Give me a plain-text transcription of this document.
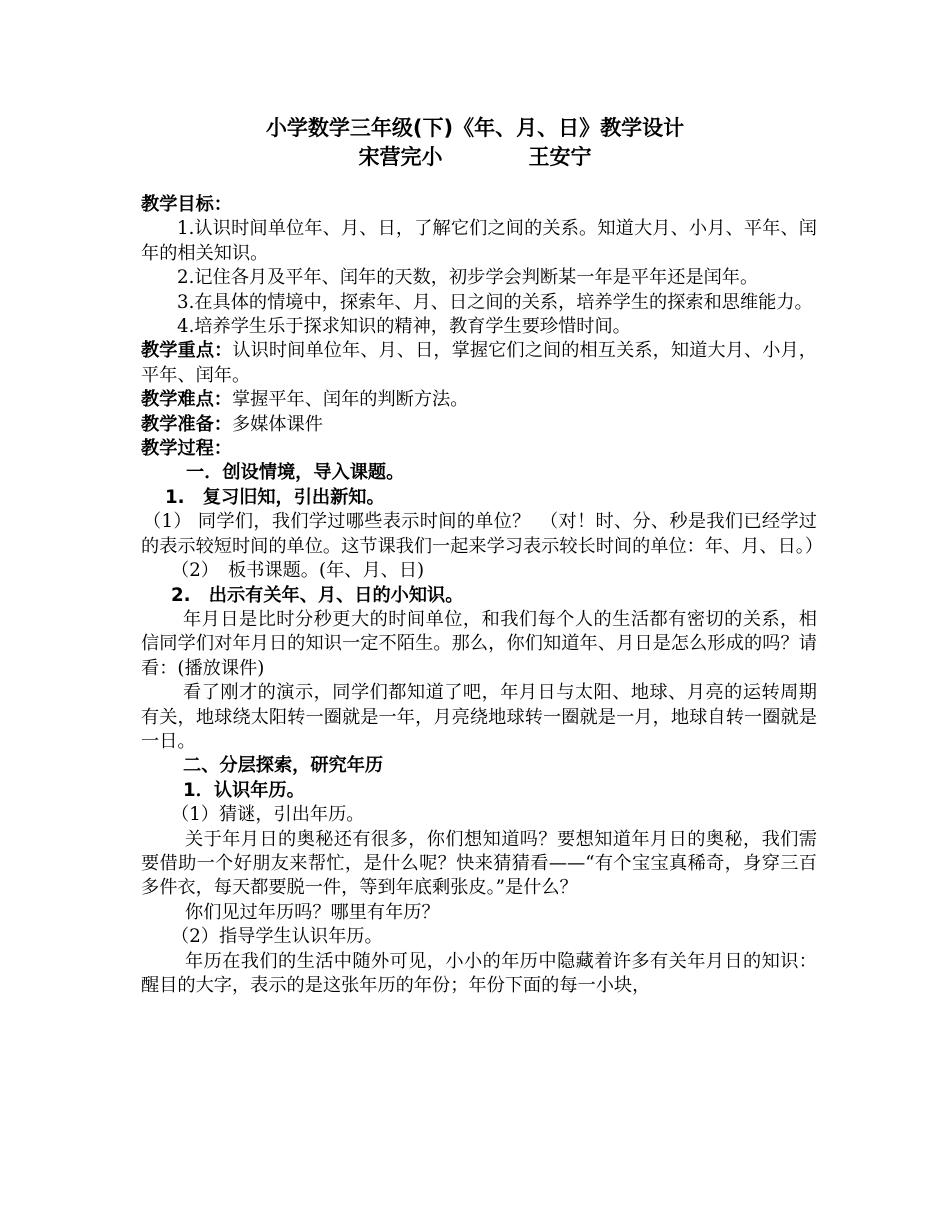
小学数学三年级(下)《年、月、日》教学设计
宋营完小	王安宁

教学目标：

1.认识时间单位年、月、日，了解它们之间的关系。知道大月、小月、平年、闰年的相关知识。

2.记住各月及平年、闰年的天数，初步学会判断某一年是平年还是闰年。

3.在具体的情境中，探索年、月、日之间的关系，培养学生的探索和思维能力。

4.培养学生乐于探求知识的精神，教育学生要珍惜时间。

教学重点：认识时间单位年、月、日，掌握它们之间的相互关系，知道大月、小月，平年、闰年。

教学难点：掌握平年、闰年的判断方法。

教学准备：多媒体课件

教学过程：

一．创设情境，导入课题。

1.　复习旧知，引出新知。

（1） 同学们，我们学过哪些表示时间的单位？　（对！时、分、秒是我们已经学过的表示较短时间的单位。这节课我们一起来学习表示较长时间的单位：年、月、日。）

（2）　板书课题。(年、月、日)

2.　出示有关年、月、日的小知识。

年月日是比时分秒更大的时间单位，和我们每个人的生活都有密切的关系，相信同学们对年月日的知识一定不陌生。那么，你们知道年、月日是怎么形成的吗？请看：(播放课件)

看了刚才的演示，同学们都知道了吧，年月日与太阳、地球、月亮的运转周期有关，地球绕太阳转一圈就是一年，月亮绕地球转一圈就是一月，地球自转一圈就是一日。

二、分层探索，研究年历

1．认识年历。

（1）猜谜，引出年历。

关于年月日的奥秘还有很多，你们想知道吗？要想知道年月日的奥秘，我们需要借助一个好朋友来帮忙，是什么呢？快来猜猜看——“有个宝宝真稀奇，身穿三百多件衣，每天都要脱一件，等到年底剩张皮。”是什么？

你们见过年历吗？哪里有年历？

（2）指导学生认识年历。

年历在我们的生活中随外可见，小小的年历中隐藏着许多有关年月日的知识：醒目的大字，表示的是这张年历的年份；年份下面的每一小块，
